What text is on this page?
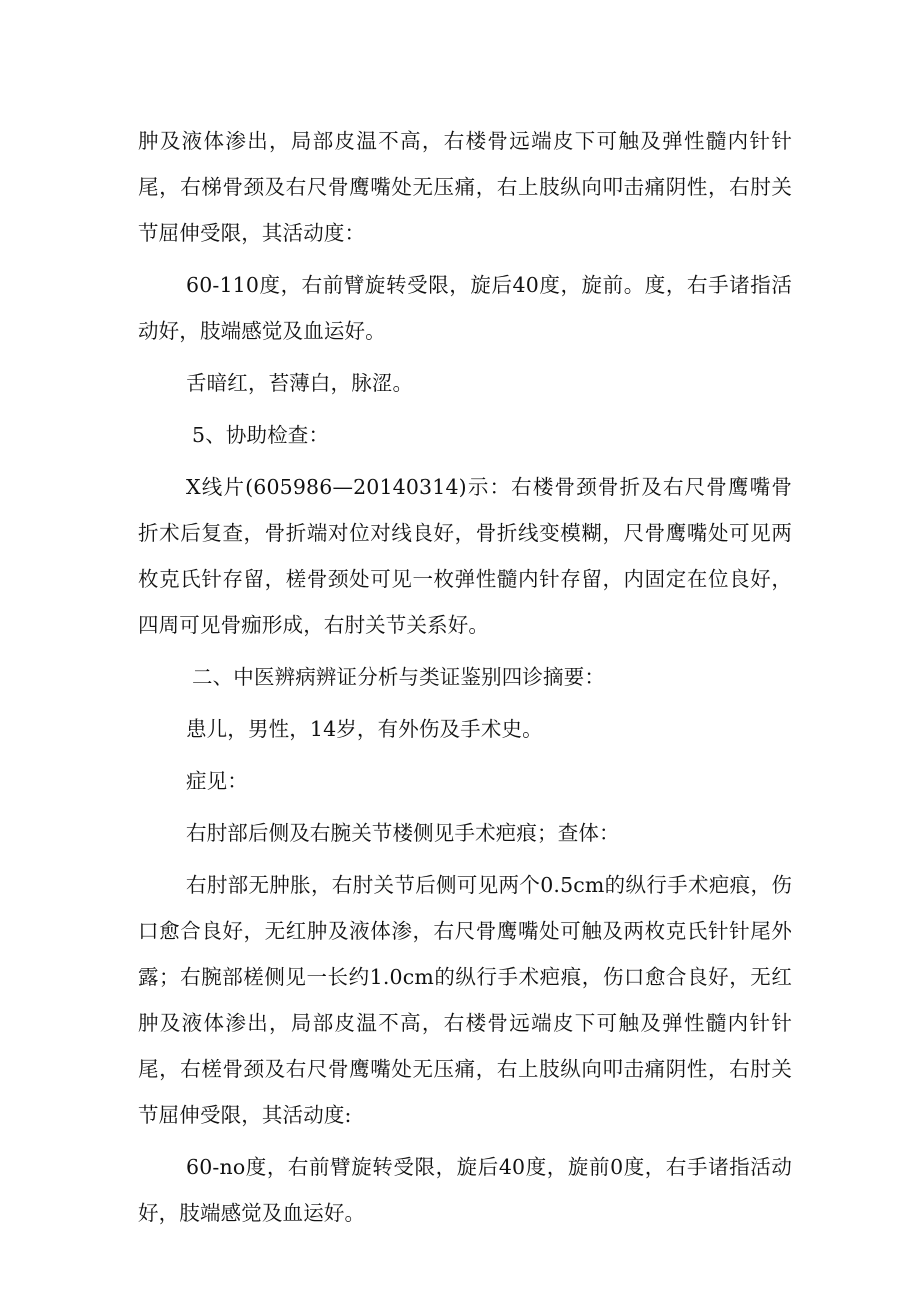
肿及液体渗出，局部皮温不高，右楼骨远端皮下可触及弹性髓内针针尾，右梯骨颈及右尺骨鹰嘴处无压痛，右上肢纵向叩击痛阴性，右肘关节屈伸受限，其活动度：

60-110度，右前臂旋转受限，旋后40度，旋前。度，右手诸指活动好，肢端感觉及血运好。

舌暗红，苔薄白，脉涩。

5、协助检查：

X线片(605986—20140314)示：右楼骨颈骨折及右尺骨鹰嘴骨折术后复查，骨折端对位对线良好，骨折线变模糊，尺骨鹰嘴处可见两枚克氏针存留，槎骨颈处可见一枚弹性髓内针存留，内固定在位良好，四周可见骨痂形成，右肘关节关系好。

二、中医辨病辨证分析与类证鉴别四诊摘要：

患儿，男性，14岁，有外伤及手术史。

症见：

右肘部后侧及右腕关节楼侧见手术疤痕；查体：

右肘部无肿胀，右肘关节后侧可见两个0.5cm的纵行手术疤痕，伤口愈合良好，无红肿及液体渗，右尺骨鹰嘴处可触及两枚克氏针针尾外露；右腕部槎侧见一长约1.0cm的纵行手术疤痕，伤口愈合良好，无红肿及液体渗出，局部皮温不高，右楼骨远端皮下可触及弹性髓内针针尾，右槎骨颈及右尺骨鹰嘴处无压痛，右上肢纵向叩击痛阴性，右肘关节屈伸受限，其活动度:

60-no度，右前臂旋转受限，旋后40度，旋前0度，右手诸指活动好，肢端感觉及血运好。
